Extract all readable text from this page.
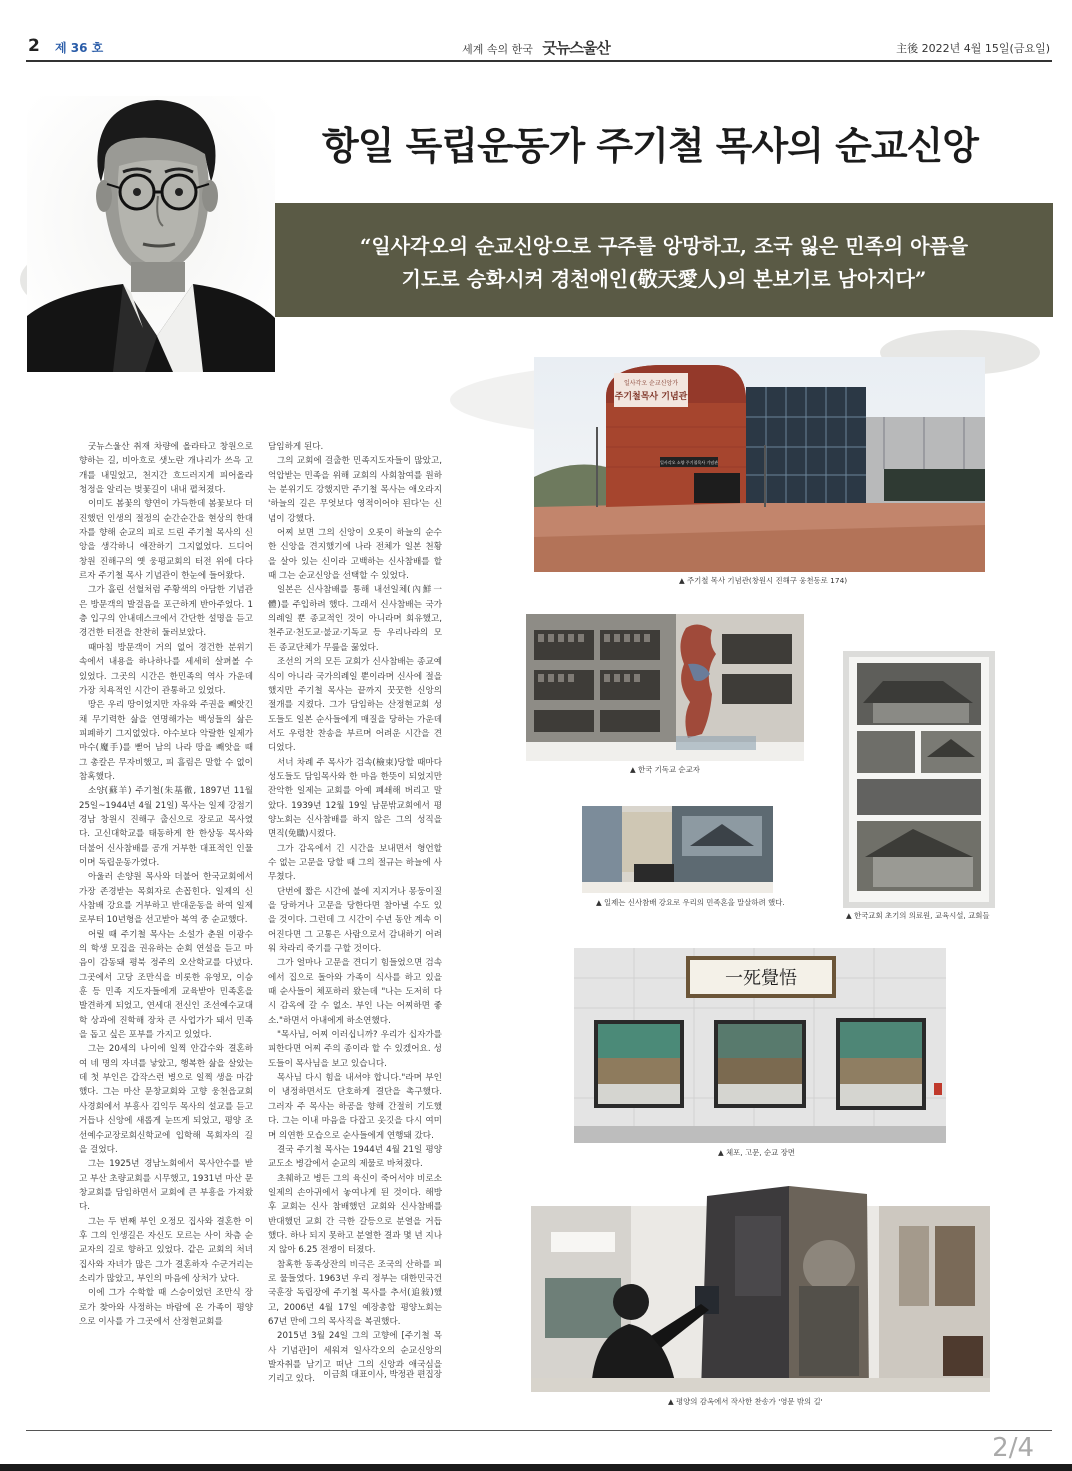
2 제 36 호	세계 속의 한국 굿뉴스울산	主後 2022년 4월 15일(금요일)
“일사각오의 순교신앙으로 구주를 앙망하고, 조국 잃은 민족의 아픔을
기도로 승화시켜 경천애인(敬天愛人)의 본보기로 남아지다”
항일 독립운동가 주기철 목사의 순교신앙

굿뉴스울산 취재 차량에 올라타고 창원으로 향하는 길, 비아흐로 샛노란 개나리가 쓰윽 고개를 내밀었고, 천지간 흐드러지게 피어올라 청정을 알리는 벚꽃길이 내내 펼쳐졌다.

이미도 봄꽃의 향연이 가득한데 봄꽃보다 더 진했던 인생의 절정의 순간순간을 현상의 한대자를 향해 순교의 피로 드린 주기철 목사의 신앙을 생각하니 애잔하기 그지없었다. 드디어 창원 진해구의 옛 웅평교회의 터전 위에 다다르자 주기철 목사 기념관이 한눈에 들어왔다.

그가 흘린 선혈처럼 주황색의 아담한 기념관은 방문객의 발걸음을 포근하게 반아주었다. 1층 입구의 안내데스크에서 간단한 설명을 듣고 경건한 터전을 찬찬히 둘러보았다.

때마침 방문객이 거의 없어 경건한 분위기 속에서 내용을 하나하나를 세세히 살펴볼 수 있었다. 그곳의 시간은 한민족의 역사 가운데 가장 치욕적인 시간이 관통하고 있었다.

땅은 우리 땅이었지만 자유와 주권을 빼앗긴 채 무기력한 삶을 연명해가는 백성들의 삶은 피폐하기 그지없었다. 야수보다 악랄한 일제가 마수(魔手)를 뻗어 남의 나라 땅을 빼앗을 때 그 총칼은 무자비했고, 피 흘림은 말할 수 없이 참혹했다.

소양(蘇羊) 주기철(朱基徹, 1897년 11월 25일~1944년 4월 21일) 목사는 일제 강점기 경남 창원시 진해구 출신으로 장로교 목사였다. 고신대학교를 태동하게 한 한상동 목사와 더불어 신사참배를 공개 거부한 대표적인 인물이며 독립운동가였다.

아울러 손양원 목사와 더불어 한국교회에서 가장 존경받는 목회자로 손꼽힌다. 일제의 신사참배 강요를 거부하고 반대운동을 하여 일제로부터 10년형을 선고받아 복역 중 순교했다.

어릴 때 주기철 목사는 소설가 춘원 이광수의 학생 모집을 권유하는 순회 연설을 듣고 마음이 감동돼 평북 정주의 오산학교를 다녔다. 그곳에서 고당 조만식을 비롯한 유영모, 이승훈 등 민족 지도자들에게 교육받아 민족혼을 발견하게 되었고, 연세대 전신인 조선예수교대학 상과에 진학해 장차 큰 사업가가 돼서 민족을 돕고 싶은 포부를 가지고 있었다.

그는 20세의 나이에 일찍 안갑수와 결혼하여 네 명의 자녀를 낳았고, 행복한 삶을 살았는데 첫 부인은 갑작스런 병으로 일찍 생을 마감했다. 그는 마산 문창교회와 고향 웅천읍교회 사경회에서 부흥사 김익두 목사의 설교를 듣고 거듭나 신앙에 새롭게 눈뜨게 되었고, 평양 조선예수교장로회신학교에 입학해 목회자의 길을 걸었다.

그는 1925년 경남노회에서 목사안수를 받고 부산 초량교회를 시무했고, 1931년 마산 문창교회를 담임하면서 교회에 큰 부흥을 가져왔다.

그는 두 번째 부인 오정모 집사와 결혼한 이후 그의 인생길은 자신도 모르는 사이 차츰 순교자의 길로 향하고 있었다. 같은 교회의 처녀 집사와 자녀가 많은 그가 결혼하자 수군거리는 소리가 많았고, 부인의 마음에 상처가 났다.

이에 그가 수학할 때 스승이었던 조만식 장로가 찾아와 사정하는 바람에 온 가족이 평양으로 이사를 가 그곳에서 산정현교회를

담임하게 된다.

그의 교회에 걸출한 민족지도자들이 많았고, 억압받는 민족을 위해 교회의 사회참여를 원하는 분위기도 강했지만 주기철 목사는 애오라지 '하늘의 길은 무엇보다 영적이어야 된다'는 신념이 강했다.

어찌 보면 그의 신앙이 오롯이 하늘의 순수한 신앙을 견지했기에 나라 전체가 일본 천황을 살아 있는 신이라 고백하는 신사참배를 할 때 그는 순교신앙을 선택할 수 있었다.

일본은 신사참배를 통해 내선일체(內鮮一體)를 주입하려 했다. 그래서 신사참배는 국가의례일 뿐 종교적인 것이 아니라며 회유했고, 천주교·천도교·불교·기독교 등 우리나라의 모든 종교단체가 무릎을 꿇었다.

조선의 거의 모든 교회가 신사참배는 종교예식이 아니라 국가의례일 뿐이라며 신사에 절을 했지만 주기철 목사는 끝까지 꿋꿋한 신앙의 절개를 지켰다. 그가 담임하는 산정현교회 성도들도 일본 순사들에게 매질을 당하는 가운데서도 우렁찬 찬송을 부르며 어려운 시간을 견디었다.

서너 차례 주 목사가 검속(檢束)당할 때마다 성도들도 담임목사와 한 마음 한뜻이 되었지만 잔악한 일제는 교회를 아예 폐쇄해 버리고 말았다. 1939년 12월 19일 남문밖교회에서 평양노회는 신사참배를 하지 않은 그의 성직을 면직(免職)시켰다.

그가 감옥에서 긴 시간을 보내면서 형언할 수 없는 고문을 당할 때 그의 절규는 하늘에 사무쳤다.

단번에 짧은 시간에 불에 지지거나 몽둥이질을 당하거나 고문을 당한다면 참아낼 수도 있을 것이다. 그런데 그 시간이 수년 동안 계속 이어진다면 그 고통은 사람으로서 감내하기 어려워 차라리 죽기를 구할 것이다.

그가 얼마나 고문을 견디기 힘들었으면 검속에서 집으로 돌아와 가족이 식사를 하고 있을 때 순사들이 체포하러 왔는데 "나는 도저히 다시 감옥에 갈 수 없소. 부인 나는 어찌하면 좋소."하면서 아내에게 하소연했다.

"목사님, 어찌 이러십니까? 우리가 십자가를 피한다면 어찌 주의 종이라 할 수 있겠어요. 성도들이 목사님을 보고 있습니다.

목사님 다시 힘을 내셔야 합니다."라며 부인이 냉정하면서도 단호하게 결단을 촉구했다. 그러자 주 목사는 하공을 향해 간절히 기도했다. 그는 이내 마음을 다잡고 옷깃을 다시 여미며 의연한 모습으로 순사들에게 연행돼 갔다.

결국 주기철 목사는 1944년 4월 21일 평양 교도소 병감에서 순교의 제물로 바쳐졌다.

초췌하고 병든 그의 육신이 죽어서야 비로소 일제의 손아귀에서 놓여나게 된 것이다. 해방 후 교회는 신사 참배했던 교회와 신사참배를 반대했던 교회 간 극한 갈등으로 분열을 거듭했다. 하나 되지 못하고 분열한 결과 몇 년 지나지 않아 6.25 전쟁이 터졌다.

참혹한 동족상잔의 비극은 조국의 산하를 피로 물들였다. 1963년 우리 정부는 대한민국건국훈장 독립장에 주기철 목사를 추서(追敍)했고, 2006년 4월 17일 예장총합 평양노회는 67년 만에 그의 목사직을 복권했다.

2015년 3월 24일 그의 고향에 [주기철 목사 기념관]이 세워져 일사각오의 순교신앙의 발자취를 남기고 떠난 그의 신앙과 애국심을 기리고 있다. 이금희 대표이사, 박정관 편집장
일사각오 순교신앙가
주기철목사 기념관
일사각오 소양 주기철목사 기념관
▲ 주기철 목사 기념관(창원시 진해구 웅천동로 174)
▲ 한국 기독교 순교자
▲ 한국교회 초기의 의료원, 교육시설, 교회들
▲ 일제는 신사참배 강요로 우리의 민족혼을 말살하려 했다.
一死覺悟
▲ 체포, 고문, 순교 장면
▲ 평양의 감옥에서 작사한 찬송가 '영문 밖의 길'
2/4
